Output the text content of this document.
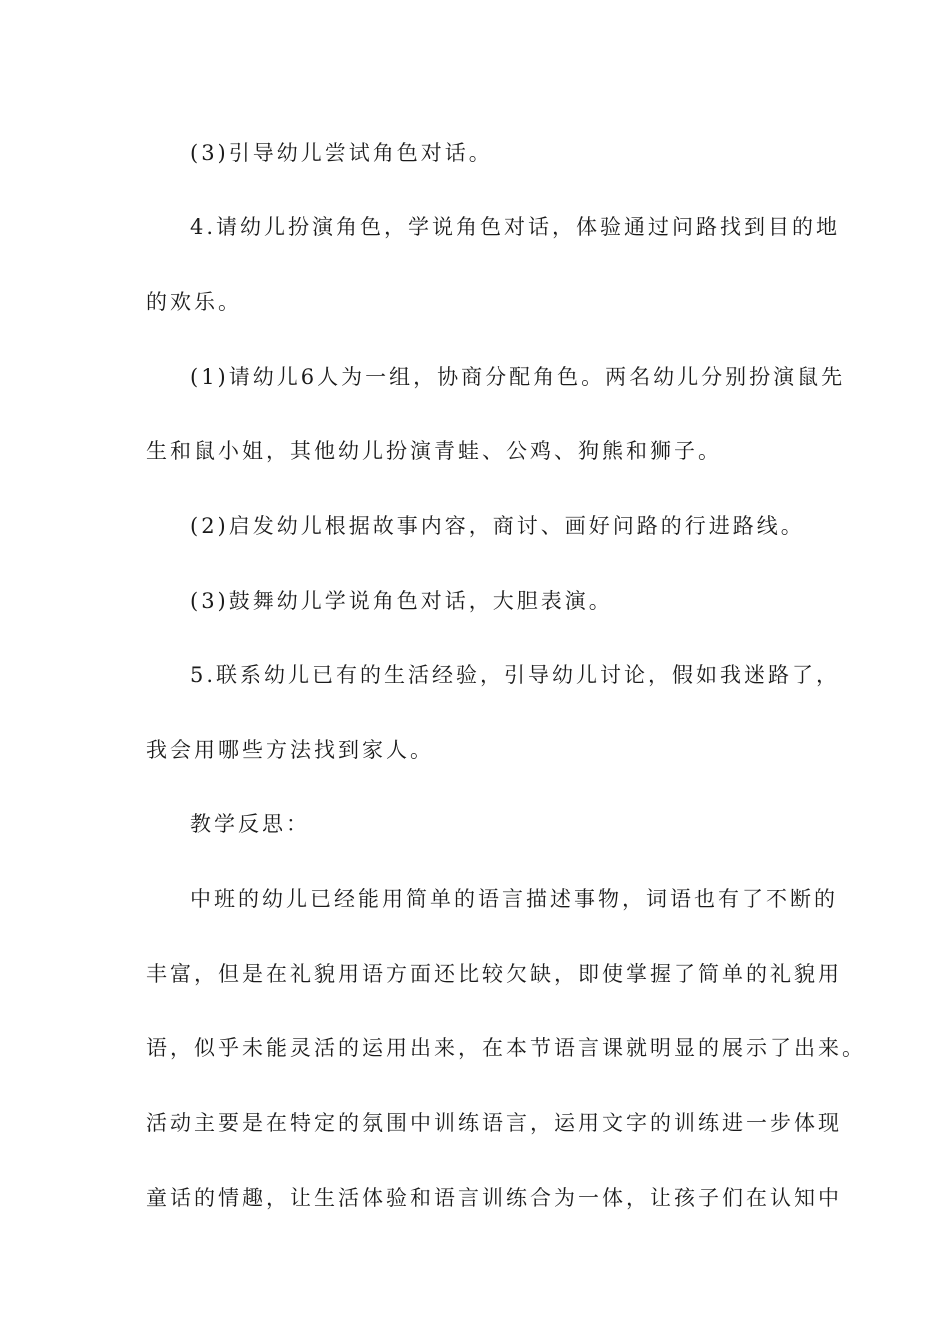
(3)引导幼儿尝试角色对话。
4.请幼儿扮演角色，学说角色对话，体验通过问路找到目的地
的欢乐。
(1)请幼儿6人为一组，协商分配角色。两名幼儿分别扮演鼠先
生和鼠小姐，其他幼儿扮演青蛙、公鸡、狗熊和狮子。
(2)启发幼儿根据故事内容，商讨、画好问路的行进路线。
(3)鼓舞幼儿学说角色对话，大胆表演。
5.联系幼儿已有的生活经验，引导幼儿讨论，假如我迷路了，
我会用哪些方法找到家人。
教学反思：
中班的幼儿已经能用简单的语言描述事物，词语也有了不断的
丰富，但是在礼貌用语方面还比较欠缺，即使掌握了简单的礼貌用
语，似乎未能灵活的运用出来，在本节语言课就明显的展示了出来。
活动主要是在特定的氛围中训练语言，运用文字的训练进一步体现
童话的情趣，让生活体验和语言训练合为一体，让孩子们在认知中
